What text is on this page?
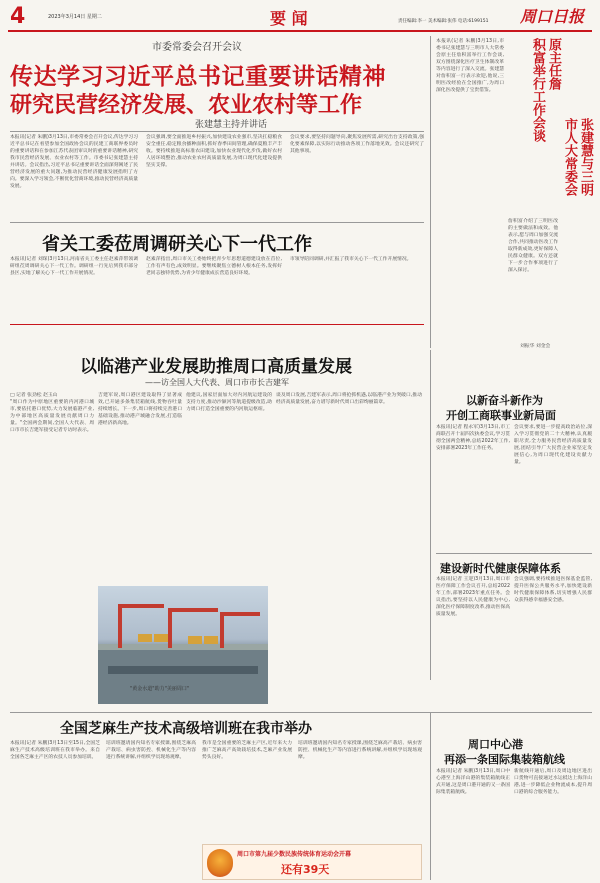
4	2023年3月14日 星期二	要 闻	责任编辑:李一 美术编辑:张伟 电话:6199151 周口日报
市委常委会召开会议
传达学习习近平总书记重要讲话精神
研究民营经济发展、农业农村等工作
张建慧主持并讲话
本报讯(记者 朱鹏)3月13日,市委常委会召开会议,传达学习习近平总书记在看望参加全国政协会议的民建工商联界委员时的重要讲话和在参加江苏代表团审议时的重要讲话精神,研究我市民营经济发展、农业农村等工作。市委书记张建慧主持并讲话。会议指出,习近平总书记重要讲话全面深刻阐述了民营经济发展的重大问题,为推动民营经济健康发展指明了方向。要深入学习领会,不断优化营商环境,推动民营经济高质量发展。
会议强调,要全面推进乡村振兴,加快建设农业强市,坚决扛稳粮食安全重任,稳定粮食播种面积,抓好春季田间管理,确保夏粮丰产丰收。要持续推进高标准农田建设,加快农业现代化步伐,做好农村人居环境整治,推动农业农村高质量发展,为周口现代化建设提供坚实支撑。
会议要求,要坚持问题导向,聚焦发展所需,研究出台支持政策,强化要素保障,以实际行动推动各项工作落地见效。会议还研究了其他事项。
本报讯(记者 朱鹏)3月13日,市委书记张建慧与三明市人大常委会原主任詹积富举行工作会谈,双方围绕深化医疗卫生体制改革等内容进行了深入交流。张建慧对詹积富一行表示欢迎,他说,三明医改经验在全国推广,为周口深化医改提供了宝贵借鉴。
詹积富介绍了三明医改的主要做法和成效。他表示,愿与周口加强交流合作,共同推动医改工作取得新成效,更好保障人民群众健康。双方还就下一步合作事项进行了深入探讨。
张建慧与三明
市人大常委会
原主任詹
积富举行工作会谈
刘振华 刘金会
省关工委莅周调研关心下一代工作
本报讯(记者 刘琛)3月13日,河南省关工委主任赵素萍带领调研组莅周调研关心下一代工作。调研组一行先后到我市部分县区,实地了解关心下一代工作开展情况。
赵素萍指出,周口市关工委始终把青少年思想道德建设放在首位,工作有声有色,成效明显。要继续聚焦立德树人根本任务,发挥好老同志独特优势,为青少年健康成长营造良好环境。
市领导陪同调研,并汇报了我市关心下一代工作开展情况。
以临港产业发展助推周口高质量发展
——访全国人大代表、周口市市长吉建军
□ 记者 张劲松 赵玉山
"周口作为中原地区重要的内河港口城市,要依托港口优势,大力发展临港产业,为中部地区高质量发展贡献周口力量。"全国两会期间,全国人大代表、周口市市长吉建军接受记者专访时表示。
吉建军说,周口港区建设取得了显著成效,已开通多条集装箱航线,货物吞吐量持续增长。下一步,周口将持续完善港口基础设施,推动港产城融合发展,打造临港经济新高地。
他建议,国家层面加大对内河航运建设的支持力度,推动沙颍河等航道提级改造,助力周口打造全国重要的内河航运枢纽。
谈及周口发展,吉建军表示,周口将抢抓机遇,以临港产业为突破口,推动经济高质量发展,奋力谱写新时代周口出彩绚丽篇章。
"黄金水道"助力"美丽周口"
以新奋斗新作为
开创工商联事业新局面
本报讯(记者 程永军)3月13日,市工商联召开十届四次执委会议,学习贯彻全国两会精神,总结2022年工作,安排部署2023年工作任务。
会议要求,要进一步提高政治站位,深入学习贯彻党的二十大精神,认真履职尽责,全力服务民营经济高质量发展,团结引导广大民营企业家坚定发展信心,为周口现代化建设贡献力量。
建设新时代健康保障体系
本报讯(记者 王迎)3月13日,周口市医疗保障工作会议召开,总结2022年工作,部署2023年重点任务。会议指出,要坚持以人民健康为中心,深化医疗保障制度改革,推动医保高质量发展。
会议强调,要持续推进医保基金监管,提升医保公共服务水平,加快建设新时代健康保障体系,切实增强人民群众获得感幸福感安全感。
全国芝麻生产技术高级培训班在我市举办
本报讯(记者 朱鹏)3月13日至15日,全国芝麻生产技术高级培训班在我市举办。来自全国各芝麻主产区的农技人员参加培训。
培训班邀请国内知名专家授课,围绕芝麻高产栽培、病虫害防控、机械化生产等内容进行系统讲解,并组织学员现场观摩。
我市是全国重要的芝麻主产区,近年来大力推广芝麻高产高效栽培技术,芝麻产业发展势头良好。
培训班邀请国内知名专家授课,围绕芝麻高产栽培、病虫害防控、机械化生产等内容进行系统讲解,并组织学员现场观摩。
周口市第九届少数民族传统体育运动会开幕
还有39天
周口中心港
再添一条国际集装箱航线
本报讯(记者 朱鹏)3月13日,周口中心港至上海洋山港的集装箱航线正式开通,这是周口港开通的又一条国际集装箱航线。
新航线开通后,周口及周边地区进出口货物可直接通过水运抵达上海洋山港,进一步降低企业物流成本,提升周口港的综合服务能力。
